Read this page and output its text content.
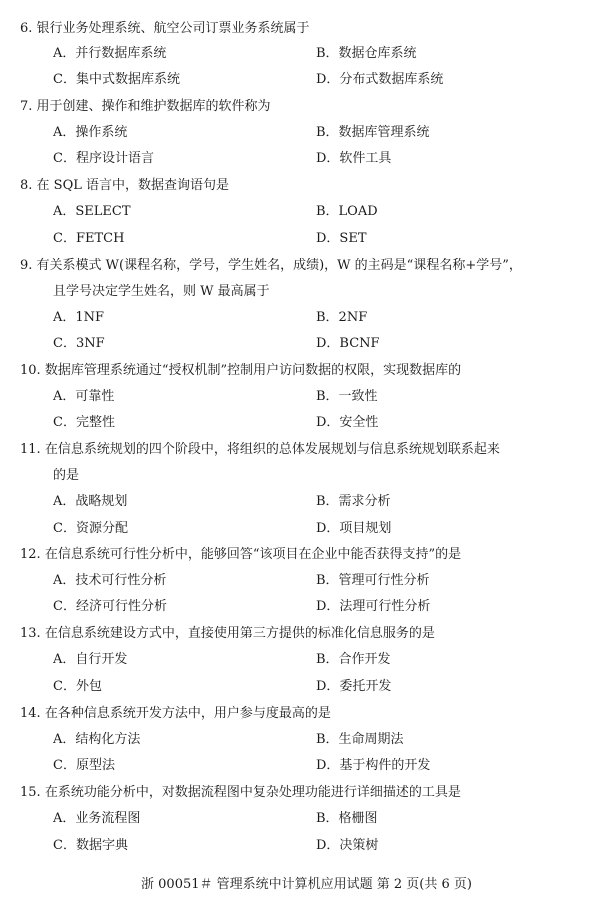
6. 银行业务处理系统、航空公司订票业务系统属于
A．并行数据库系统	B．数据仓库系统
C．集中式数据库系统	D．分布式数据库系统
7. 用于创建、操作和维护数据库的软件称为
A．操作系统	B．数据库管理系统
C．程序设计语言	D．软件工具
8. 在 SQL 语言中，数据查询语句是
A．SELECT	B．LOAD
C．FETCH	D．SET
9. 有关系模式 W(课程名称，学号，学生姓名，成绩)，W 的主码是“课程名称+学号”，
且学号决定学生姓名，则 W 最高属于
A．1NF	B．2NF
C．3NF	D．BCNF
10. 数据库管理系统通过“授权机制”控制用户访问数据的权限，实现数据库的
A．可靠性	B．一致性
C．完整性	D．安全性
11. 在信息系统规划的四个阶段中，将组织的总体发展规划与信息系统规划联系起来
的是
A．战略规划	B．需求分析
C．资源分配	D．项目规划
12. 在信息系统可行性分析中，能够回答“该项目在企业中能否获得支持”的是
A．技术可行性分析	B．管理可行性分析
C．经济可行性分析	D．法理可行性分析
13. 在信息系统建设方式中，直接使用第三方提供的标准化信息服务的是
A．自行开发	B．合作开发
C．外包	D．委托开发
14. 在各种信息系统开发方法中，用户参与度最高的是
A．结构化方法	B．生命周期法
C．原型法	D．基于构件的开发
15. 在系统功能分析中，对数据流程图中复杂处理功能进行详细描述的工具是
A．业务流程图	B．格栅图
C．数据字典	D．决策树
浙 00051＃ 管理系统中计算机应用试题 第 2 页(共 6 页)
